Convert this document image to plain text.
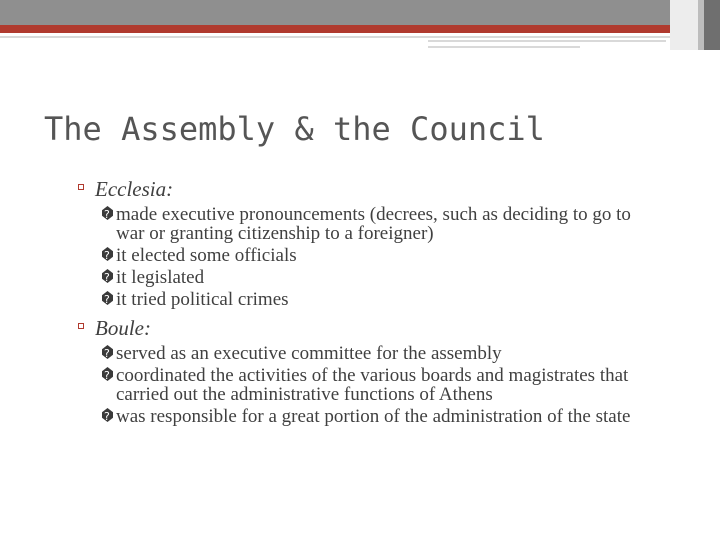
The Assembly & the Council

Ecclesia:

?
made executive pronouncements (decrees, such as deciding to go to war or granting citizenship to a foreigner)

?
it elected some officials

?
it legislated

?
it tried political crimes

Boule:

?
served as an executive committee for the assembly

?
coordinated the activities of the various boards and magistrates that carried out the administrative functions of Athens

?
was responsible for a great portion of the administration of the state
